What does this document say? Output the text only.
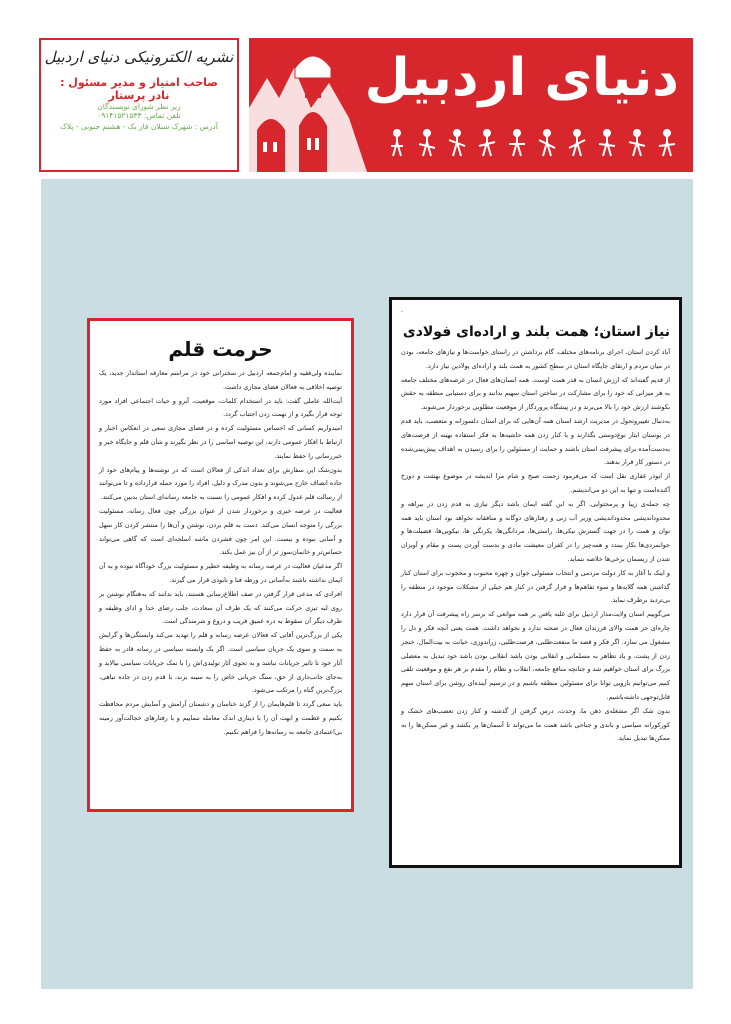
نشریه الکترونیکی دنیای اردبیل
صاحب امتیاز و مدیر مسئول :
نادر پرستار
زیر نظر شورای نویسندگان
تلفن تماس: ۰۹۱۴۱۵۲۱۵۳۳
آدرس : شهرک سبلان فاز یک - هشتم جنوبی - پلاک
دنیای اردبیل
حرمت قلم

نماینده ولی‌فقیه و امام‌جمعه اردبیل در سخنرانی خود در مراسم معارفه استاندار جدید، یک توصیه اخلاقی به فعالان فضای مجازی داشت.

آیت‌الله عاملی گفت: باید در استخدام کلمات، موقعیت، آبرو و حیات اجتماعی افراد مورد توجه قرار بگیرد و از تهمت زدن اجتناب گردد.

امیدواریم کسانی که احساس مسئولیت کرده و در فضای مجازی سعی در انعکاس اخبار و ارتباط با افکار عمومی دارند، این توصیه اساسی را در نظر بگیرند و شأن قلم و جایگاه خبر و خبررسانی را حفظ نمایند.

بدون‌شک این سفارش برای تعداد اندکی از فعالان است که در نوشته‌ها و پیام‌های خود از جاده انصاف خارج می‌شوند و بدون مدرک و دلیل، افراد را مورد حمله قرارداده و تا می‌توانند از رسالت قلم عدول کرده و افکار عمومی را نسبت به جامعه رسانه‌ای استان بدبین می‌کنند.

فعالیت در عرصه خبری و برخوردار شدن از عنوان بزرگی چون فعال رسانه، مسئولیت بزرگی را متوجه انسان می‌کند. دست به قلم بردن، نوشتن و آن‌ها را منتشر کردن کار سهل و آسانی نبوده و نیست. این امر چون فشردن ماشه اسلحه‌ای است که گاهی می‌تواند حساس‌تر و خانمان‌سوز تر از آن نیز عمل بکند.

اگر مدعیان فعالیت در عرصه رسانه به وظیفه خطیر و مسئولیت بزرگ خودآگاه نبوده و به آن ایمان نداشته باشند به‌آسانی در ورطه فنا و نابودی قرار می گیرند.

افرادی که مدعی قرار گرفتن در صف اطلاع‌رسانی هستند، باید بدانند که به‌هنگام نوشتن بر روی لبه تیزی حرکت می‌کنند که یک طرف آن سعادت، جلب رضای خدا و ادای وظیفه و طرف دیگر آن سقوط به دره عمیق فریب و دروغ و شرمندگی است.

یکی از بزرگ‌ترین آفاتی که فعالان عرصه رسانه و قلم را تهدید می‌کند وابستگی‌ها و گرایش به سمت و سوی یک جریان سیاسی است. اگر یک وابسته سیاسی در رسانه قادر به حفظ آثار خود تا تاثیر جریانات نباشد و به نحوی آثار تولیدی‌اش را با نمک جریانات سیاسی بیالاید و به‌جای جانب‌داری از حق، سنگ جریانی خاص را به سینه بزند، با قدم زدن در جاده تباهی، بزرگ‌ترین گناه را مرتکب می‌شود.

باید سعی گردد تا قلم‌هایمان را از گزند خناسان و دشمنان آرامش و آسایش مردم محافظت بکنیم و عظمت و ابهت آن را با دیناری اندک معامله ننماییم و با رفتارهای خجالت‌آور زمینه بی‌اعتمادی جامعه به رسانه‌ها را فراهم نکنیم.

.
نیاز استان؛ همت بلند و اراده‌ای فولادی

آباد کردن استان، اجرای برنامه‌های مختلف، گام برداشتن در راستای خواست‌ها و نیازهای جامعه، بودن در میان مردم و ارتقای جایگاه استان در سطح کشور به همت بلند و اراده‌ای پولادین نیاز دارد.

از قدیم گفته‌اند که ارزش انسان به قدر همت اوست. همه انسان‌های فعال در عرصه‌های مختلف جامعه به هر میزانی که خود را برای مشارکت در ساختن استان سهیم بدانند و برای دستیابی منطقه به حقش بکوشند ارزش خود را بالا می‌برند و در پیشگاه پروردگار از موقعیت مطلوبی برخوردار می‌شوند.

به‌دنبال تغییروتحول در مدیریت ارشد استان همه آن‌هایی که برای استان دلسوزانه و متعصب، باید قدم در بوستان ایثار نوع‌دوستی بگذارند و با کنار زدن همه حاشیه‌ها به فکر استفاده بهینه از فرصت‌های به‌دست‌آمده برای پیشرفت استان باشند و حمایت از مسئولین را برای رسیدن به اهداف پیش‌بینی‌شده در دستور کار قرار بدهند.

از ابوذر غفاری نقل است که می‌فرمود زحمت صبح و شام مرا اندیشه در موضوع بهشت و دوزخ آکنده‌است و تنها به این دو می‌اندیشم.

چه جمله‌ی زیبا و پرمحتوایی. اگر به این گفته ایمان باشد دیگر نیازی به قدم زدن در بیراهه و محدوداندیشی محدوداندیشی وزیر آب زنی و رفتارهای دوگانه و منافقانه نخواهد بود استان باید همه توان و همت را در جهت گسترش نیکی‌ها، راستی‌ها، مردانگی‌ها، یکرنگی ها، نیکویی‌ها، فضیلت‌ها و جوانمردی‌ها بکار ببندد و همه‌چیز را در کفران معیشت مادی و بدست آوردن پست و مقام و آویزان شدن از ریسمان برخی‌ها خلاصه ننماید.

و اینک با آغاز به کار دولت مردمی و انتخاب مسئولی جوان و چهره محبوب و محجوب برای استان کنار گذاشتن همه گلایه‌ها و سوء تفاهم‌ها و قرار گرفتن در کنار هم خیلی از مشکلات موجود در منطقه را بی‌تردید برطرف نماید.

می‌گوییم استان ولایت‌مدار اردبیل برای غلبه یافتن بر همه موانعی که برسر راه پیشرفت آن قرار دارد چاره‌ای جز همت والای فرزندان فعال در صحنه ندارد و نخواهد داشت. همت یعنی آنچه فکر و دل را مشغول می سازد. اگر فکر و قصد ما منفعت‌طلبی، فرصت‌طلبی، زراندوزی، خیانت به بیت‌المال، خنجر زدن از پشت، و یاد تظاهر به مسلمانی و انقلابی بودن باشد انقلابی بودن باشد خود تبدیل به معضلی بزرگ برای استان خواهیم شد و جنانچه منافع جامعه، انقلاب و نظام را مقدم بر هر نفع و موقعیت تلقی کنیم می‌توانیم بازویی توانا برای مسئولین منطقه باشیم و در ترسیم آینده‌ای روشن برای استان سهم قابل‌توجهی داشته‌باشیم.

بدون شک اگر مشغله‌ی ذهن ما، وحدت، درس گرفتن از گذشته و کنار زدن تعصب‌های خشک و کورکورانه سیاسی و باندی و جناحی باشد همت ما می‌تواند تا آسمان‌ها پر بکشد و غیر ممکن‌ها را به ممکن‌ها تبدیل نماید.
